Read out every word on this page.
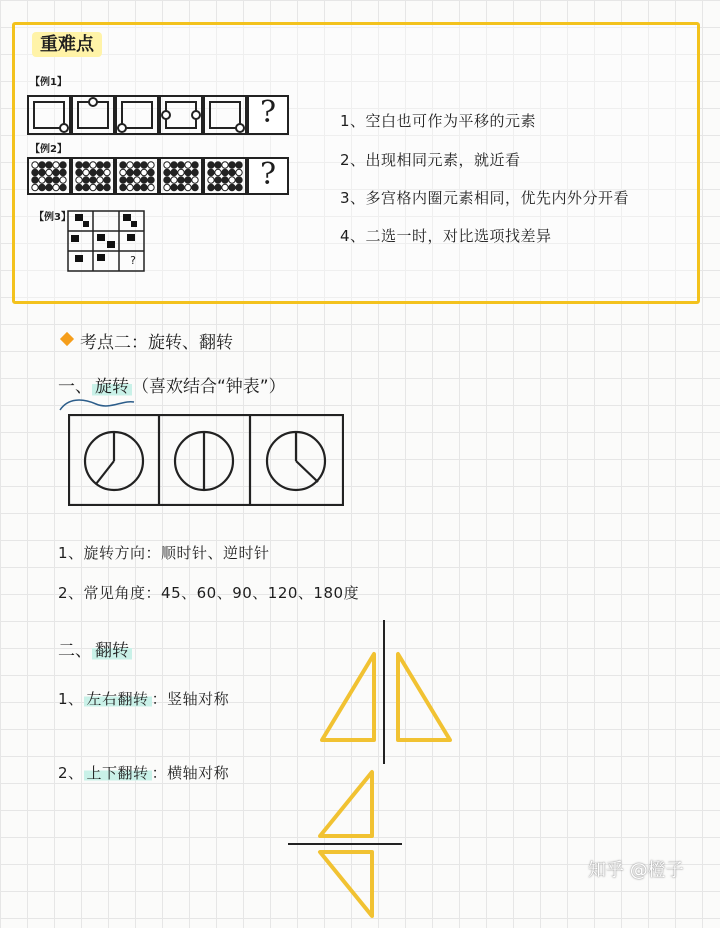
重难点
【例1】
?
【例2】
?
【例3】
?
1、空白也可作为平移的元素
2、出现相同元素，就近看
3、多宫格内圈元素相同，优先内外分开看
4、二选一时，对比选项找差异
考点二：旋转、翻转
一、 旋转 （喜欢结合“钟表”）
1、旋转方向：顺时针、逆时针
2、常见角度：45、60、90、120、180度
二、 翻转
1、 左右翻转 ：竖轴对称
2、 上下翻转 ：横轴对称
知乎 @橙子
